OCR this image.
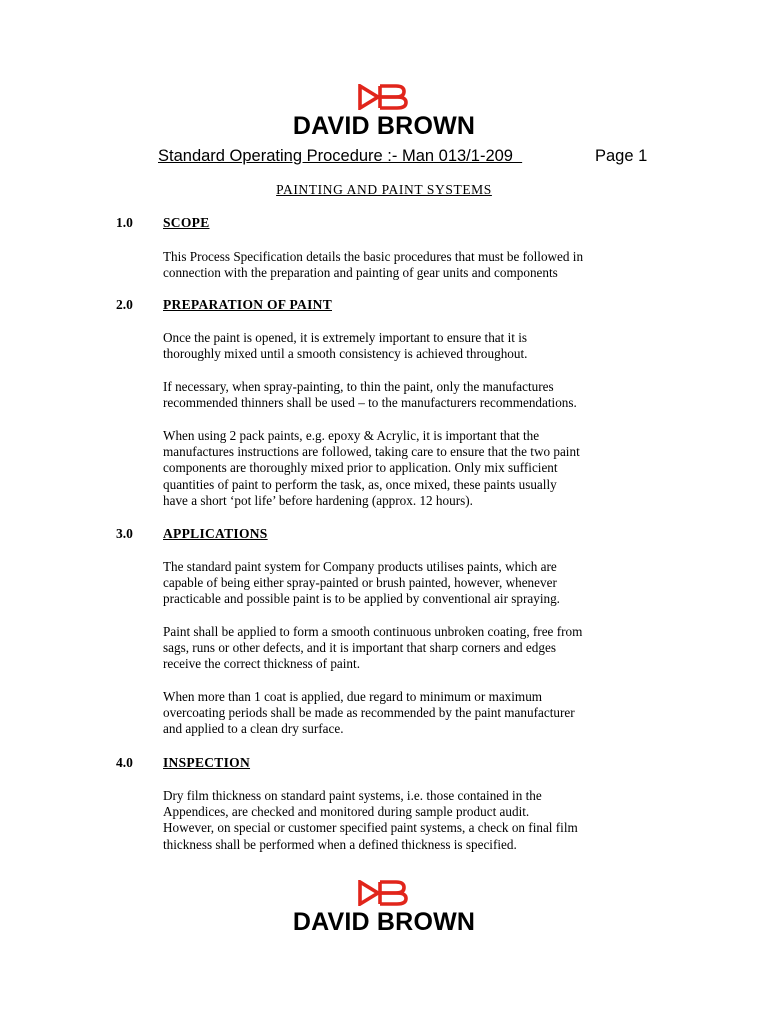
DAVID BROWN
Standard Operating Procedure :- Man 013/1-209	Page 1
PAINTING AND PAINT SYSTEMS
1.0 SCOPE
This Process Specification details the basic procedures that must be followed in
connection with the preparation and painting of gear units and components
2.0 PREPARATION OF PAINT
Once the paint is opened, it is extremely important to ensure that it is
thoroughly mixed until a smooth consistency is achieved throughout.
If necessary, when spray-painting, to thin the paint, only the manufactures
recommended thinners shall be used – to the manufacturers recommendations.
When using 2 pack paints, e.g. epoxy & Acrylic, it is important that the
manufactures instructions are followed, taking care to ensure that the two paint
components are thoroughly mixed prior to application. Only mix sufficient
quantities of paint to perform the task, as, once mixed, these paints usually
have a short ‘pot life’ before hardening (approx. 12 hours).
3.0 APPLICATIONS
The standard paint system for Company products utilises paints, which are
capable of being either spray-painted or brush painted, however, whenever
practicable and possible paint is to be applied by conventional air spraying.
Paint shall be applied to form a smooth continuous unbroken coating, free from
sags, runs or other defects, and it is important that sharp corners and edges
receive the correct thickness of paint.
When more than 1 coat is applied, due regard to minimum or maximum
overcoating periods shall be made as recommended by the paint manufacturer
and applied to a clean dry surface.
4.0 INSPECTION
Dry film thickness on standard paint systems, i.e. those contained in the
Appendices, are checked and monitored during sample product audit.
However, on special or customer specified paint systems, a check on final film
thickness shall be performed when a defined thickness is specified.
DAVID BROWN
